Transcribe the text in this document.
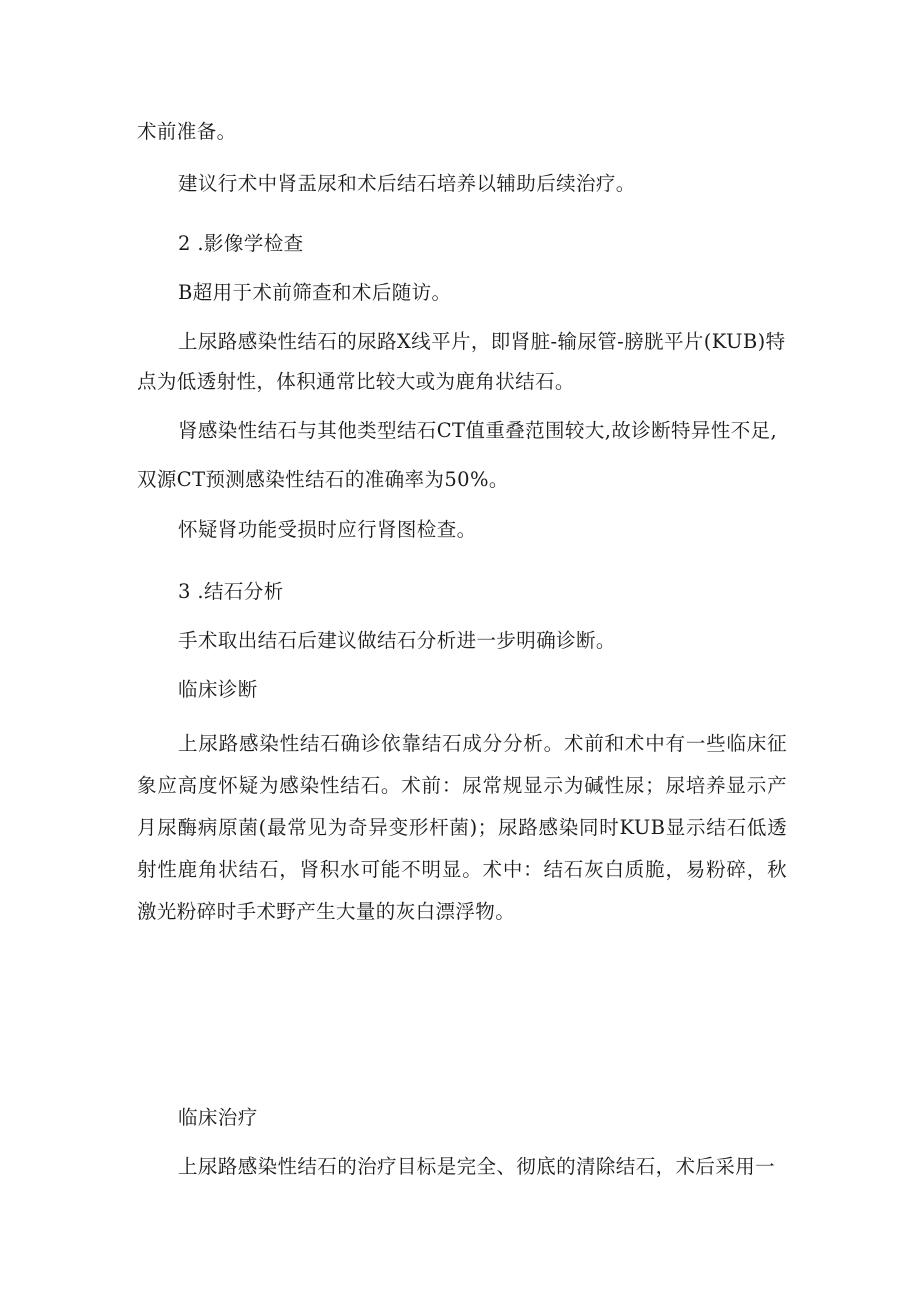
术前准备。
建议行术中肾盂尿和术后结石培养以辅助后续治疗。
2 .影像学检查
B超用于术前筛查和术后随访。
上尿路感染性结石的尿路X线平片，即肾脏-输尿管-膀胱平片(KUB)特
点为低透射性，体积通常比较大或为鹿角状结石。
肾感染性结石与其他类型结石CT值重叠范围较大,故诊断特异性不足,
双源CT预测感染性结石的准确率为50%。
怀疑肾功能受损时应行肾图检查。
3 .结石分析
手术取出结石后建议做结石分析进一步明确诊断。
临床诊断
上尿路感染性结石确诊依靠结石成分分析。术前和术中有一些临床征象应高度怀疑为感染性结石。术前：尿常规显示为碱性尿；尿培养显示产月尿酶病原菌(最常见为奇异变形杆菌)；尿路感染同时KUB显示结石低透射性鹿角状结石，肾积水可能不明显。术中：结石灰白质脆，易粉碎，秋激光粉碎时手术野产生大量的灰白漂浮物。
临床治疗
上尿路感染性结石的治疗目标是完全、彻底的清除结石，术后采用一
